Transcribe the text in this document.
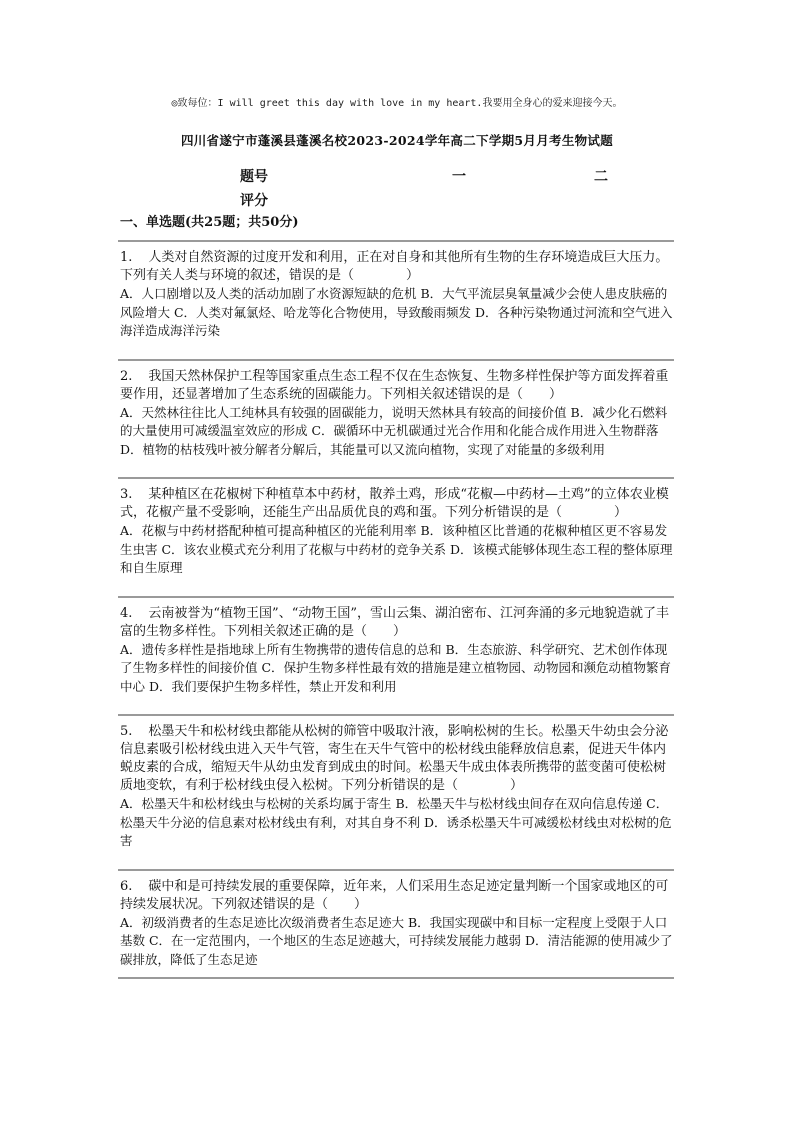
◎致每位：I will greet this day with love in my heart.我要用全身心的爱来迎接今天。
四川省遂宁市蓬溪县蓬溪名校2023-2024学年高二下学期5月月考生物试题
题号	一	二
评分
一、单选题(共25题；共50分)

1. 人类对自然资源的过度开发和利用，正在对自身和其他所有生物的生存环境造成巨大压力。下列有关人类与环境的叙述，错误的是（　　　　）

A．人口剧增以及人类的活动加剧了水资源短缺的危机 B．大气平流层臭氧量减少会使人患皮肤癌的风险增大 C．人类对氟氯烃、哈龙等化合物使用，导致酸雨频发 D．各种污染物通过河流和空气进入海洋造成海洋污染

2. 我国天然林保护工程等国家重点生态工程不仅在生态恢复、生物多样性保护等方面发挥着重要作用，还显著增加了生态系统的固碳能力。下列相关叙述错误的是（　　）

A．天然林往往比人工纯林具有较强的固碳能力，说明天然林具有较高的间接价值 B．减少化石燃料的大量使用可减缓温室效应的形成 C．碳循环中无机碳通过光合作用和化能合成作用进入生物群落 D．植物的枯枝残叶被分解者分解后，其能量可以又流向植物，实现了对能量的多级利用

3. 某种植区在花椒树下种植草本中药材，散养土鸡，形成“花椒—中药材—土鸡”的立体农业模式，花椒产量不受影响，还能生产出品质优良的鸡和蛋。下列分析错误的是（　　　　）

A．花椒与中药材搭配种植可提高种植区的光能利用率 B．该种植区比普通的花椒种植区更不容易发生虫害 C．该农业模式充分利用了花椒与中药材的竞争关系 D．该模式能够体现生态工程的整体原理和自生原理

4. 云南被誉为“植物王国”、“动物王国”，雪山云集、湖泊密布、江河奔涌的多元地貌造就了丰富的生物多样性。下列相关叙述正确的是（　　）

A．遗传多样性是指地球上所有生物携带的遗传信息的总和 B．生态旅游、科学研究、艺术创作体现了生物多样性的间接价值 C．保护生物多样性最有效的措施是建立植物园、动物园和濒危动植物繁育中心 D．我们要保护生物多样性，禁止开发和利用

5. 松墨天牛和松材线虫都能从松树的筛管中吸取汁液，影响松树的生长。松墨天牛幼虫会分泌信息素吸引松材线虫进入天牛气管，寄生在天牛气管中的松材线虫能释放信息素，促进天牛体内蜕皮素的合成，缩短天牛从幼虫发育到成虫的时间。松墨天牛成虫体表所携带的蓝变菌可使松树质地变软，有利于松材线虫侵入松树。下列分析错误的是（　　　　）

A．松墨天牛和松材线虫与松树的关系均属于寄生 B．松墨天牛与松材线虫间存在双向信息传递 C．松墨天牛分泌的信息素对松材线虫有利，对其自身不利 D．诱杀松墨天牛可减缓松材线虫对松树的危害

6. 碳中和是可持续发展的重要保障，近年来，人们采用生态足迹定量判断一个国家或地区的可持续发展状况。下列叙述错误的是（　　）

A．初级消费者的生态足迹比次级消费者生态足迹大 B．我国实现碳中和目标一定程度上受限于人口基数 C．在一定范围内，一个地区的生态足迹越大，可持续发展能力越弱 D．清洁能源的使用减少了碳排放，降低了生态足迹
